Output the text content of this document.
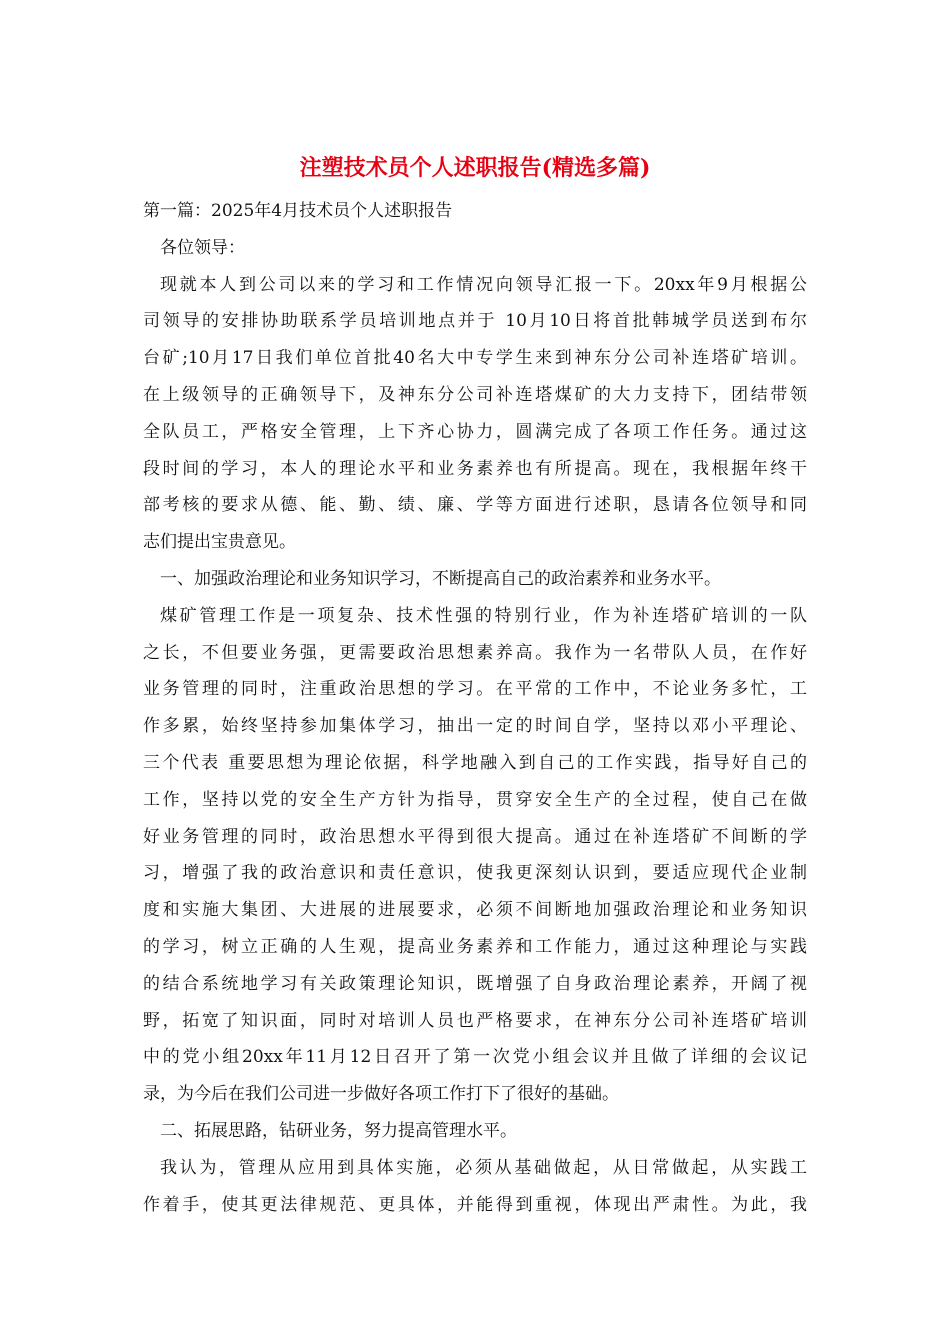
注塑技术员个人述职报告(精选多篇)
第一篇：2025年4月技术员个人述职报告
各位领导：
现就本人到公司以来的学习和工作情况向领导汇报一下。20xx年9月根据公
司领导的安排协助联系学员培训地点并于 10月10日将首批韩城学员送到布尔
台矿;10月17日我们单位首批40名大中专学生来到神东分公司补连塔矿培训。
在上级领导的正确领导下，及神东分公司补连塔煤矿的大力支持下，团结带领
全队员工，严格安全管理，上下齐心协力，圆满完成了各项工作任务。通过这
段时间的学习，本人的理论水平和业务素养也有所提高。现在，我根据年终干
部考核的要求从德、能、勤、绩、廉、学等方面进行述职，恳请各位领导和同
志们提出宝贵意见。
一、加强政治理论和业务知识学习，不断提高自己的政治素养和业务水平。
煤矿管理工作是一项复杂、技术性强的特别行业，作为补连塔矿培训的一队
之长，不但要业务强，更需要政治思想素养高。我作为一名带队人员，在作好
业务管理的同时，注重政治思想的学习。在平常的工作中，不论业务多忙，工
作多累，始终坚持参加集体学习，抽出一定的时间自学，坚持以邓小平理论、
三个代表 重要思想为理论依据，科学地融入到自己的工作实践，指导好自己的
工作，坚持以党的安全生产方针为指导，贯穿安全生产的全过程，使自己在做
好业务管理的同时，政治思想水平得到很大提高。通过在补连塔矿不间断的学
习，增强了我的政治意识和责任意识，使我更深刻认识到，要适应现代企业制
度和实施大集团、大进展的进展要求，必须不间断地加强政治理论和业务知识
的学习，树立正确的人生观，提高业务素养和工作能力，通过这种理论与实践
的结合系统地学习有关政策理论知识，既增强了自身政治理论素养，开阔了视
野，拓宽了知识面，同时对培训人员也严格要求，在神东分公司补连塔矿培训
中的党小组20xx年11月12日召开了第一次党小组会议并且做了详细的会议记
录，为今后在我们公司进一步做好各项工作打下了很好的基础。
二、拓展思路，钻研业务，努力提高管理水平。
我认为，管理从应用到具体实施，必须从基础做起，从日常做起，从实践工
作着手，使其更法律规范、更具体，并能得到重视，体现出严肃性。为此，我
